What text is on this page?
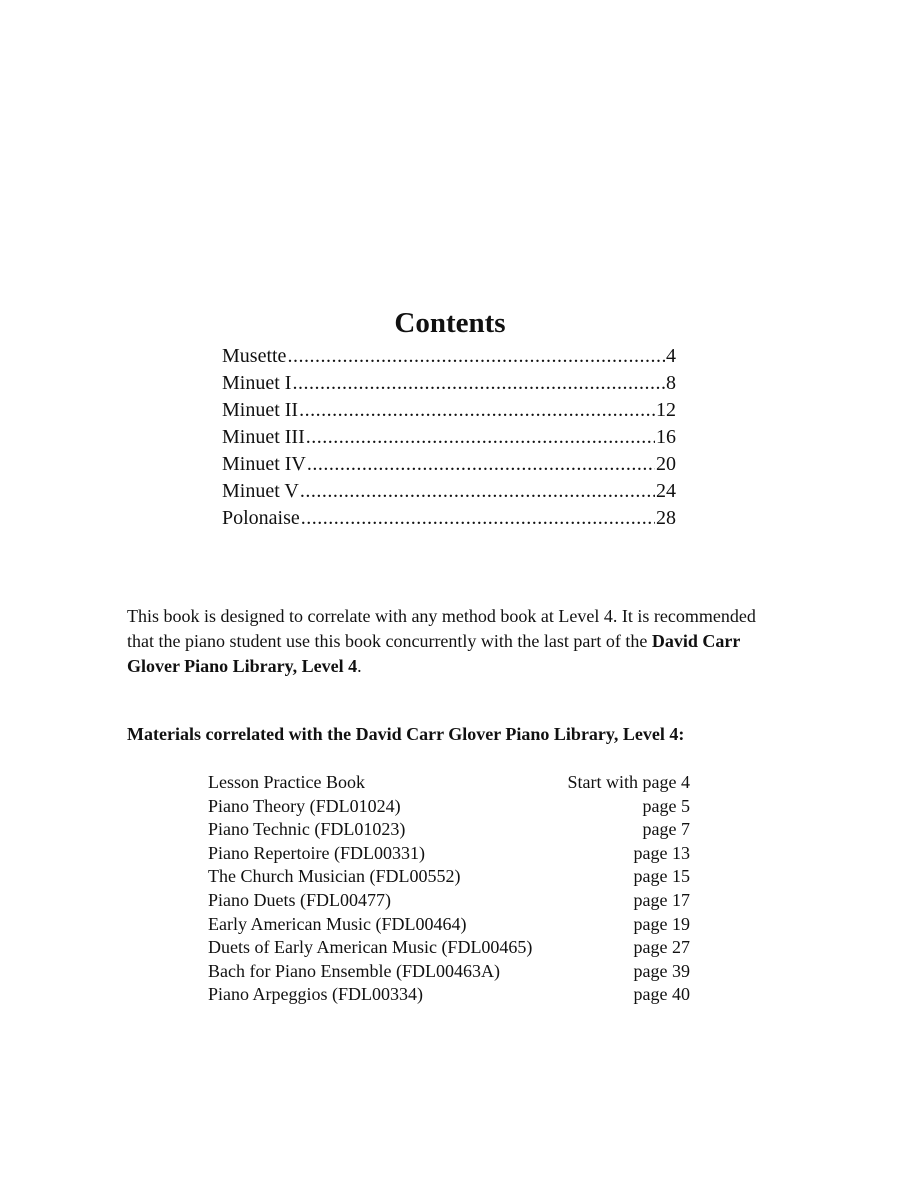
Contents
Musette .....	4
Minuet I .....	8
Minuet II .....	12
Minuet III .....	16
Minuet IV .....	20
Minuet V .....	24
Polonaise .....	28
This book is designed to correlate with any method book at Level 4. It is recommended that the piano student use this book concurrently with the last part of the David Carr Glover Piano Library, Level 4.
Materials correlated with the David Carr Glover Piano Library, Level 4:
Lesson Practice Book	Start with page 4
Piano Theory (FDL01024)	page 5
Piano Technic (FDL01023)	page 7
Piano Repertoire (FDL00331)	page 13
The Church Musician (FDL00552)	page 15
Piano Duets (FDL00477)	page 17
Early American Music (FDL00464)	page 19
Duets of Early American Music (FDL00465)	page 27
Bach for Piano Ensemble (FDL00463A)	page 39
Piano Arpeggios (FDL00334)	page 40
